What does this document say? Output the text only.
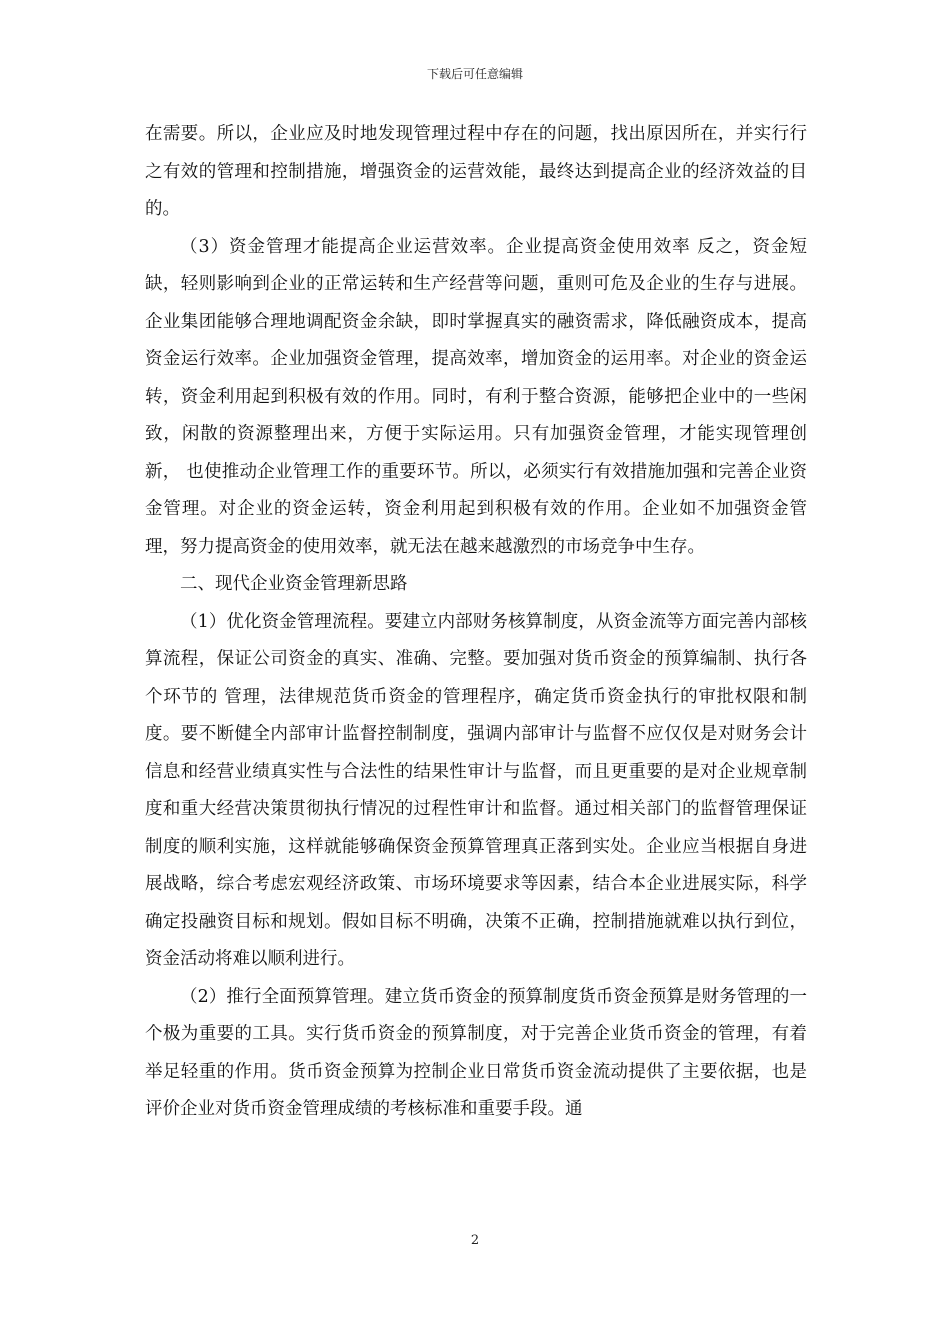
下载后可任意编辑

在需要。所以，企业应及时地发现管理过程中存在的问题，找出原因所在，并实行行之有效的管理和控制措施，增强资金的运营效能，最终达到提高企业的经济效益的目的。

（3）资金管理才能提高企业运营效率。企业提高资金使用效率 反之，资金短缺，轻则影响到企业的正常运转和生产经营等问题，重则可危及企业的生存与进展。企业集团能够合理地调配资金余缺，即时掌握真实的融资需求，降低融资成本，提高资金运行效率。企业加强资金管理，提高效率，增加资金的运用率。对企业的资金运转，资金利用起到积极有效的作用。同时，有利于整合资源，能够把企业中的一些闲致，闲散的资源整理出来，方便于实际运用。只有加强资金管理，才能实现管理创新， 也使推动企业管理工作的重要环节。所以，必须实行有效措施加强和完善企业资金管理。对企业的资金运转，资金利用起到积极有效的作用。企业如不加强资金管理，努力提高资金的使用效率，就无法在越来越激烈的市场竞争中生存。

二、现代企业资金管理新思路

（1）优化资金管理流程。要建立内部财务核算制度，从资金流等方面完善内部核算流程，保证公司资金的真实、准确、完整。要加强对货币资金的预算编制、执行各个环节的 管理，法律规范货币资金的管理程序，确定货币资金执行的审批权限和制度。要不断健全内部审计监督控制制度，强调内部审计与监督不应仅仅是对财务会计信息和经营业绩真实性与合法性的结果性审计与监督，而且更重要的是对企业规章制度和重大经营决策贯彻执行情况的过程性审计和监督。通过相关部门的监督管理保证制度的顺利实施，这样就能够确保资金预算管理真正落到实处。企业应当根据自身进展战略，综合考虑宏观经济政策、市场环境要求等因素，结合本企业进展实际，科学确定投融资目标和规划。假如目标不明确，决策不正确，控制措施就难以执行到位，资金活动将难以顺利进行。

（2）推行全面预算管理。建立货币资金的预算制度货币资金预算是财务管理的一个极为重要的工具。实行货币资金的预算制度，对于完善企业货币资金的管理，有着举足轻重的作用。货币资金预算为控制企业日常货币资金流动提供了主要依据，也是评价企业对货币资金管理成绩的考核标准和重要手段。通

2
